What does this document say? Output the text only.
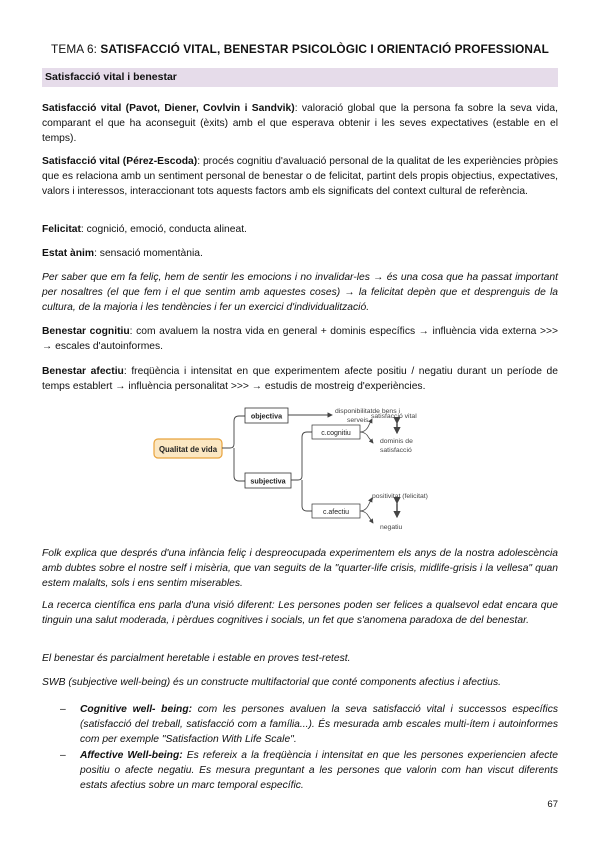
TEMA 6: SATISFACCIÓ VITAL, BENESTAR PSICOLÒGIC I ORIENTACIÓ PROFESSIONAL
Satisfacció vital i benestar

Satisfacció vital (Pavot, Diener, Covlvin i Sandvik): valoració global que la persona fa sobre la seva vida, comparant el que ha aconseguit (èxits) amb el que esperava obtenir i les seves expectatives (estable en el temps).

Satisfacció vital (Pérez-Escoda): procés cognitiu d'avaluació personal de la qualitat de les experiències pròpies que es relaciona amb un sentiment personal de benestar o de felicitat, partint dels propis objectius, expectatives, valors i interessos, interaccionant tots aquests factors amb els significats del context cultural de referència.

Felicitat: cognició, emoció, conducta alineat.

Estat ànim: sensació momentània.

Per saber que em fa feliç, hem de sentir les emocions i no invalidar-les → és una cosa que ha passat important per nosaltres (el que fem i el que sentim amb aquestes coses) → la felicitat depèn que et desprenguis de la cultura, de la majoria i les tendències i fer un exercici d'individualització.

Benestar cognitiu: com avaluem la nostra vida en general + dominis específics → influència vida externa >>> → escales d'autoinformes.

Benestar afectiu: freqüència i intensitat en que experimentem afecte positiu / negatiu durant un període de temps establert → influència personalitat >>> → estudis de mostreig d'experiències.

Qualitat de vida
objectiva	disponibilitatde bens i
serveis
subjectiva
c.cognitiu
satisfacció vital
dominis de
satisfacció
c.afectiu
positivitat (felicitat)
negatiu

Folk explica que després d'una infància feliç i despreocupada experimentem els anys de la nostra adolescència amb dubtes sobre el nostre self i misèria, que van seguits de la "quarter-life crisis, midlife-grisis i la vellesa" quan estem malalts, sols i ens sentim miserables.

La recerca científica ens parla d'una visió diferent: Les persones poden ser felices a qualsevol edat encara que tinguin una salut moderada, i pèrdues cognitives i socials, un fet que s'anomena paradoxa de del benestar.

El benestar és parcialment heretable i estable en proves test-retest.

SWB (subjective well-being) és un constructe multifactorial que conté components afectius i afectius.

– Cognitive well- being: com les persones avaluen la seva satisfacció vital i successos específics (satisfacció del treball, satisfacció com a família...). És mesurada amb escales multi-ítem i autoinformes com per exemple "Satisfaction With Life Scale".
– Affective Well-being: Es refereix a la freqüència i intensitat en que les persones experiencien afecte positiu o afecte negatiu. Es mesura preguntant a les persones que valorin com han viscut diferents estats afectius sobre un marc temporal específic.
67
